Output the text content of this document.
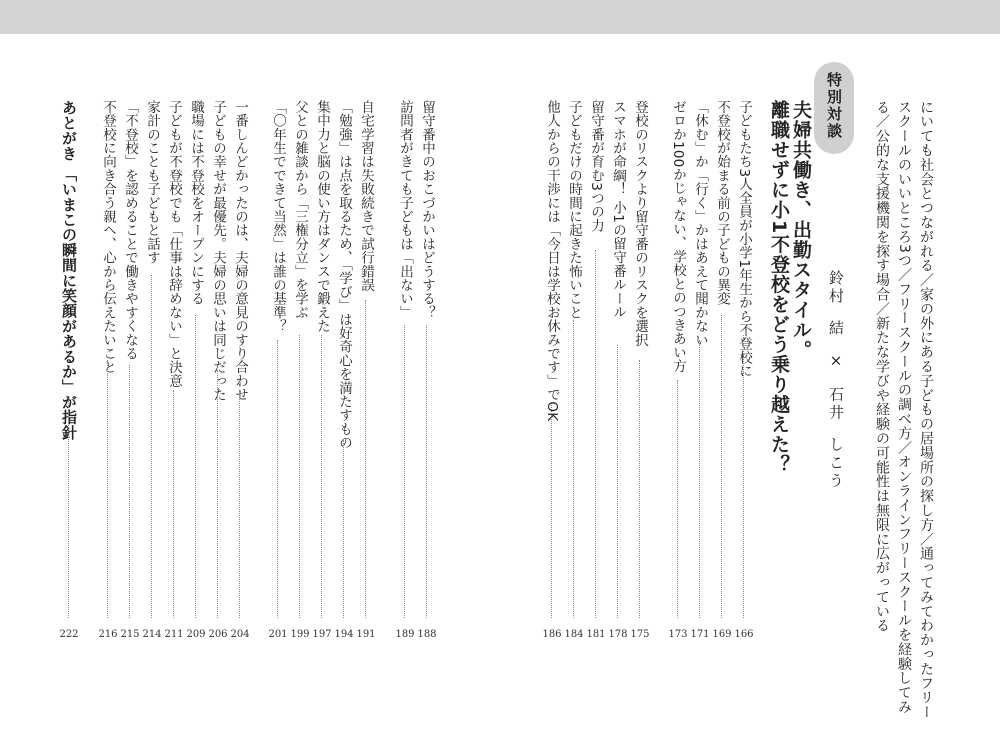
にいても社会とつながれる／家の外にある子どもの居場所の探し方／通ってみてわかったフリー
スクールのいいところ3つ／フリースクールの調べ方／オンラインフリースクールを経験してみ
る／公的な支援機関を探す場合／新たな学びや経験の可能性は無限に広がっている
特別対談
夫婦共働き、出勤スタイル。
離職せずに小1不登校をどう乗り越えた？ 鈴村 結 × 石井 しこう
子どもたち3人全員が小学1年生から不登校に
166
不登校が始まる前の子どもの異変
169
「休む」か「行く」かはあえて聞かない
171
ゼロか100かじゃない、学校とのつきあい方
173
登校のリスクより留守番のリスクを選択
175
スマホが命綱！ 小1の留守番ルール
178
留守番が育む3つの力
181
子どもだけの時間に起きた怖いこと
184
他人からの干渉には「今日は学校お休みです」でOK
186
留守番中のおこづかいはどうする？
188
訪問者がきても子どもは「出ない」
189
自宅学習は失敗続きで試行錯誤
191
「勉強」は点を取るため、「学び」は好奇心を満たすもの
194
集中力と脳の使い方はダンスで鍛えた
197
父との雑談から「三権分立」を学ぶ
199
「〇年生でできて当然」は誰の基準？
201
一番しんどかったのは、夫婦の意見のすり合わせ
204
子どもの幸せが最優先。夫婦の思いは同じだった
206
職場には不登校をオープンにする
209
子どもが不登校でも「仕事は辞めない」と決意
211
家計のことも子どもと話す
214
「不登校」を認めることで働きやすくなる
215
不登校に向き合う親へ、心から伝えたいこと
216
あとがき 「いまこの瞬間に笑顔があるか」が指針
222
